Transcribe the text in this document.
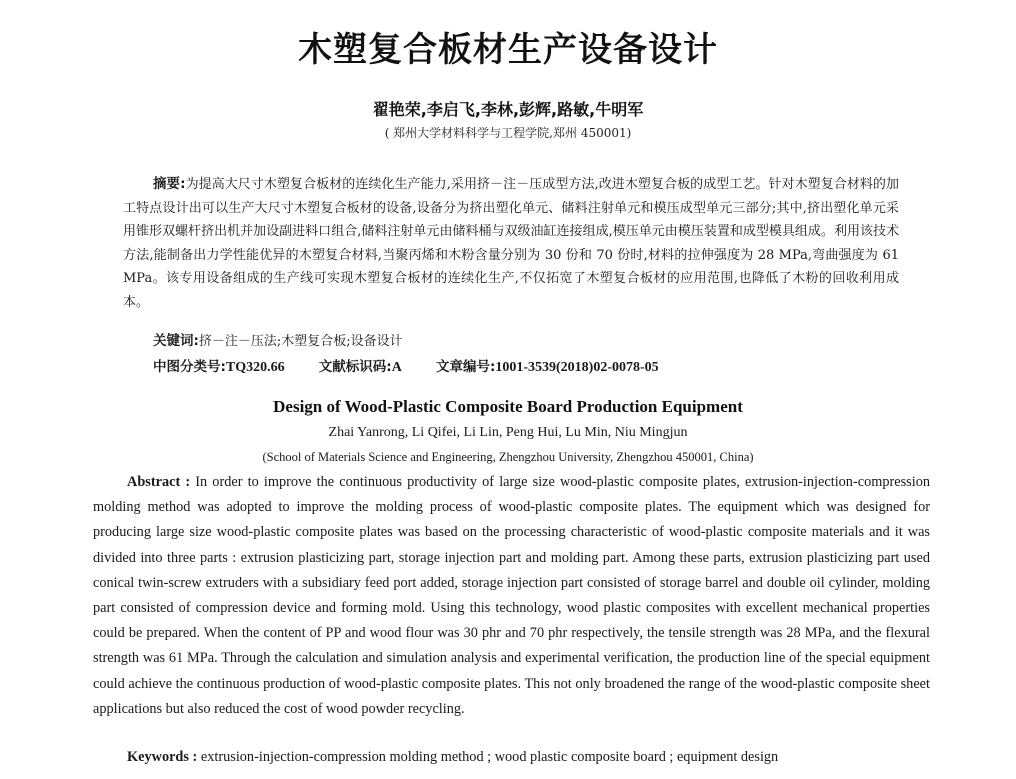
木塑复合板材生产设备设计
翟艳荣,李启飞,李林,彭辉,路敏,牛明军
( 郑州大学材料科学与工程学院,郑州 450001)
摘要:为提高大尺寸木塑复合板材的连续化生产能力,采用挤－注－压成型方法,改进木塑复合板的成型工艺。针对木塑复合材料的加工特点设计出可以生产大尺寸木塑复合板材的设备,设备分为挤出塑化单元、储料注射单元和模压成型单元三部分;其中,挤出塑化单元采用锥形双螺杆挤出机并加设副进料口组合,储料注射单元由储料桶与双级油缸连接组成,模压单元由模压装置和成型模具组成。利用该技术方法,能制备出力学性能优异的木塑复合材料,当聚丙烯和木粉含量分别为 30 份和 70 份时,材料的拉伸强度为 28 MPa,弯曲强度为 61 MPa。该专用设备组成的生产线可实现木塑复合板材的连续化生产,不仅拓宽了木塑复合板材的应用范围,也降低了木粉的回收利用成本。
关键词:挤－注－压法;木塑复合板;设备设计
中图分类号:TQ320.66	文献标识码:A	文章编号:1001-3539(2018)02-0078-05
Design of Wood-Plastic Composite Board Production Equipment
Zhai Yanrong, Li Qifei, Li Lin, Peng Hui, Lu Min, Niu Mingjun
(School of Materials Science and Engineering, Zhengzhou University, Zhengzhou 450001, China)
Abstract : In order to improve the continuous productivity of large size wood-plastic composite plates, extrusion-injection-compression molding method was adopted to improve the molding process of wood-plastic composite plates. The equipment which was designed for producing large size wood-plastic composite plates was based on the processing characteristic of wood-plastic composite materials and it was divided into three parts : extrusion plasticizing part, storage injection part and molding part. Among these parts, extrusion plasticizing part used conical twin-screw extruders with a subsidiary feed port added, storage injection part consisted of storage barrel and double oil cylinder, molding part consisted of compression device and forming mold. Using this technology, wood plastic composites with excellent mechanical properties could be prepared. When the content of PP and wood flour was 30 phr and 70 phr respectively, the tensile strength was 28 MPa, and the flexural strength was 61 MPa. Through the calculation and simulation analysis and experimental verification, the production line of the special equipment could achieve the continuous production of wood-plastic composite plates. This not only broadened the range of the wood-plastic composite sheet applications but also reduced the cost of wood powder recycling.
Keywords : extrusion-injection-compression molding method ; wood plastic composite board ; equipment design
